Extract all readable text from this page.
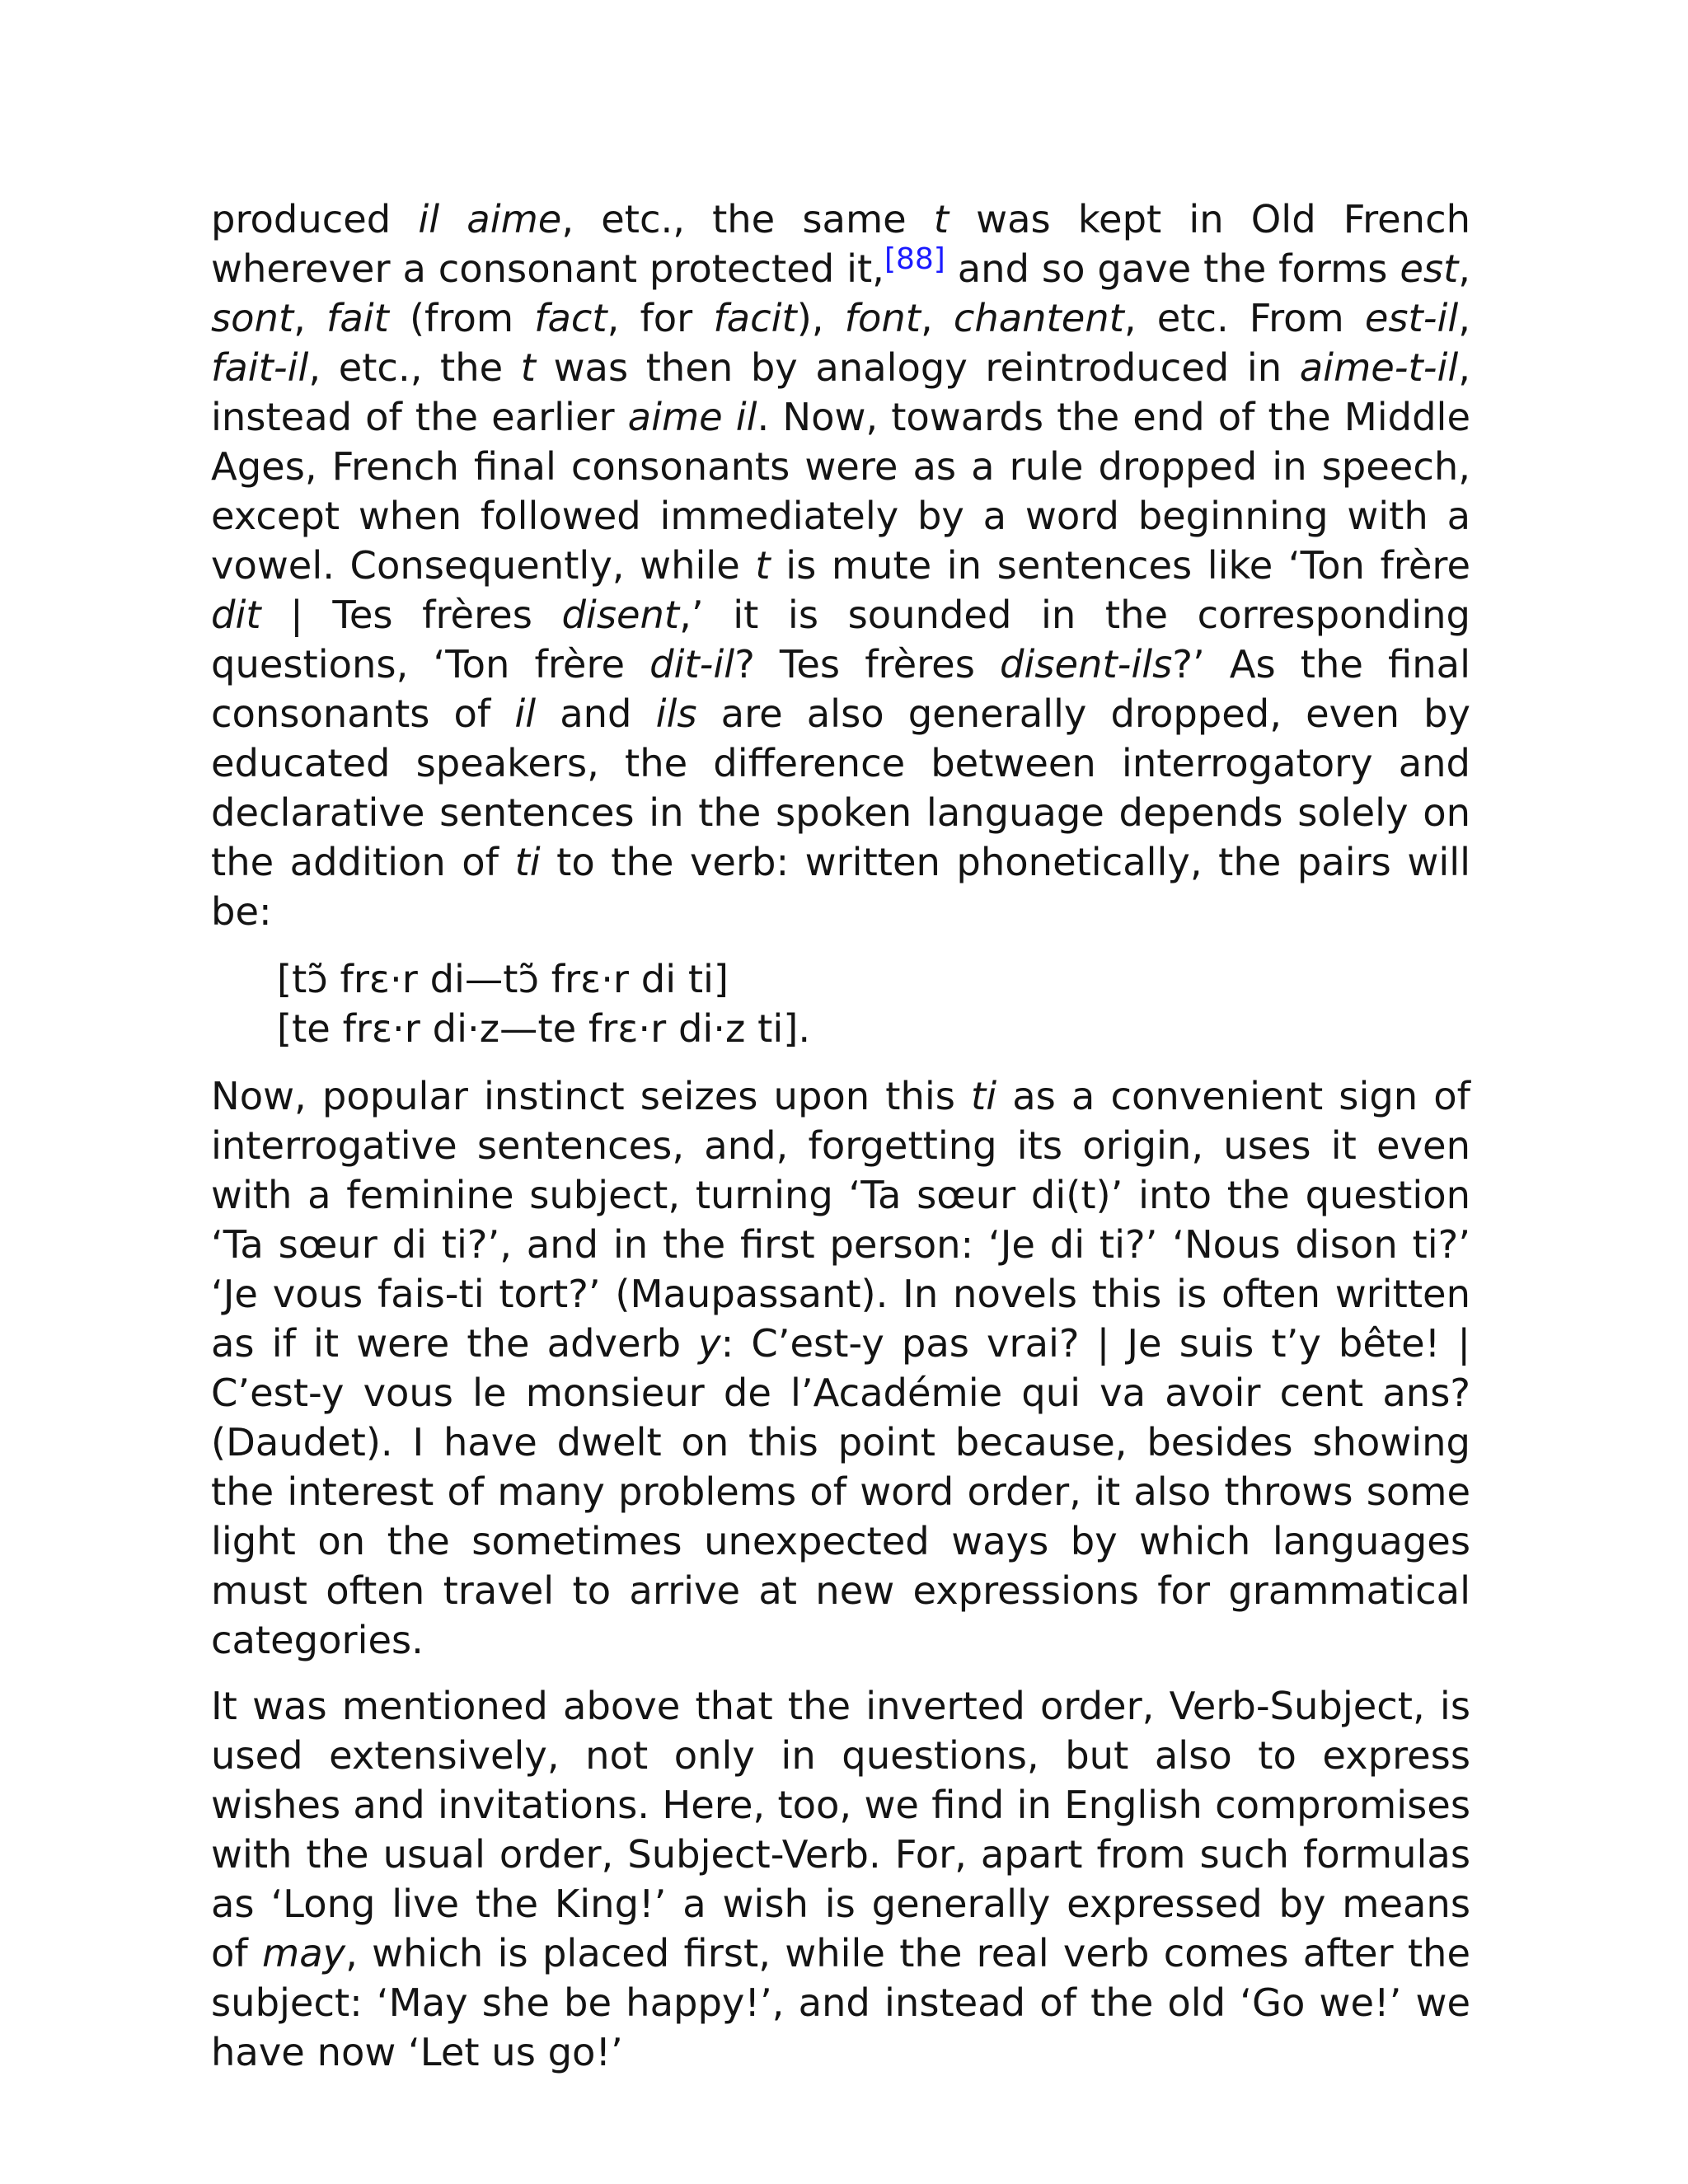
produced il aime, etc., the same t was kept in Old French wherever a consonant protected it,[88] and so gave the forms est, sont, fait (from fact, for facit), font, chantent, etc. From est-il, fait-il, etc., the t was then by analogy reintroduced in aime-t-il, instead of the earlier aime il. Now, towards the end of the Middle Ages, French final consonants were as a rule dropped in speech, except when followed immediately by a word beginning with a vowel. Consequently, while t is mute in sentences like ‘Ton frère dit | Tes frères disent,’ it is sounded in the corresponding questions, ‘Ton frère dit-il? Tes frères disent-ils?’ As the final consonants of il and ils are also generally dropped, even by educated speakers, the difference between interrogatory and declarative sentences in the spoken language depends solely on the addition of ti to the verb: written phonetically, the pairs will be:

[tɔ̃ frɛ·r di—tɔ̃ frɛ·r di ti]
[te frɛ·r di·z—te frɛ·r di·z ti].

Now, popular instinct seizes upon this ti as a convenient sign of interrogative sentences, and, forgetting its origin, uses it even with a feminine subject, turning ‘Ta sœur di(t)’ into the question ‘Ta sœur di ti?’, and in the first person: ‘Je di ti?’ ‘Nous dison ti?’ ‘Je vous fais-ti tort?’ (Maupassant). In novels this is often written as if it were the adverb y: C’est-y pas vrai? | Je suis t’y bête! | C’est-y vous le monsieur de l’Académie qui va avoir cent ans? (Daudet). I have dwelt on this point because, besides showing the interest of many problems of word order, it also throws some light on the sometimes unexpected ways by which languages must often travel to arrive at new expressions for grammatical categories.

It was mentioned above that the inverted order, Verb-Subject, is used extensively, not only in questions, but also to express wishes and invitations. Here, too, we find in English compromises with the usual order, Subject-Verb. For, apart from such formulas as ‘Long live the King!’ a wish is generally expressed by means of may, which is placed first, while the real verb comes after the subject: ‘May she be happy!’, and instead of the old ‘Go we!’ we have now ‘Let us go!’
